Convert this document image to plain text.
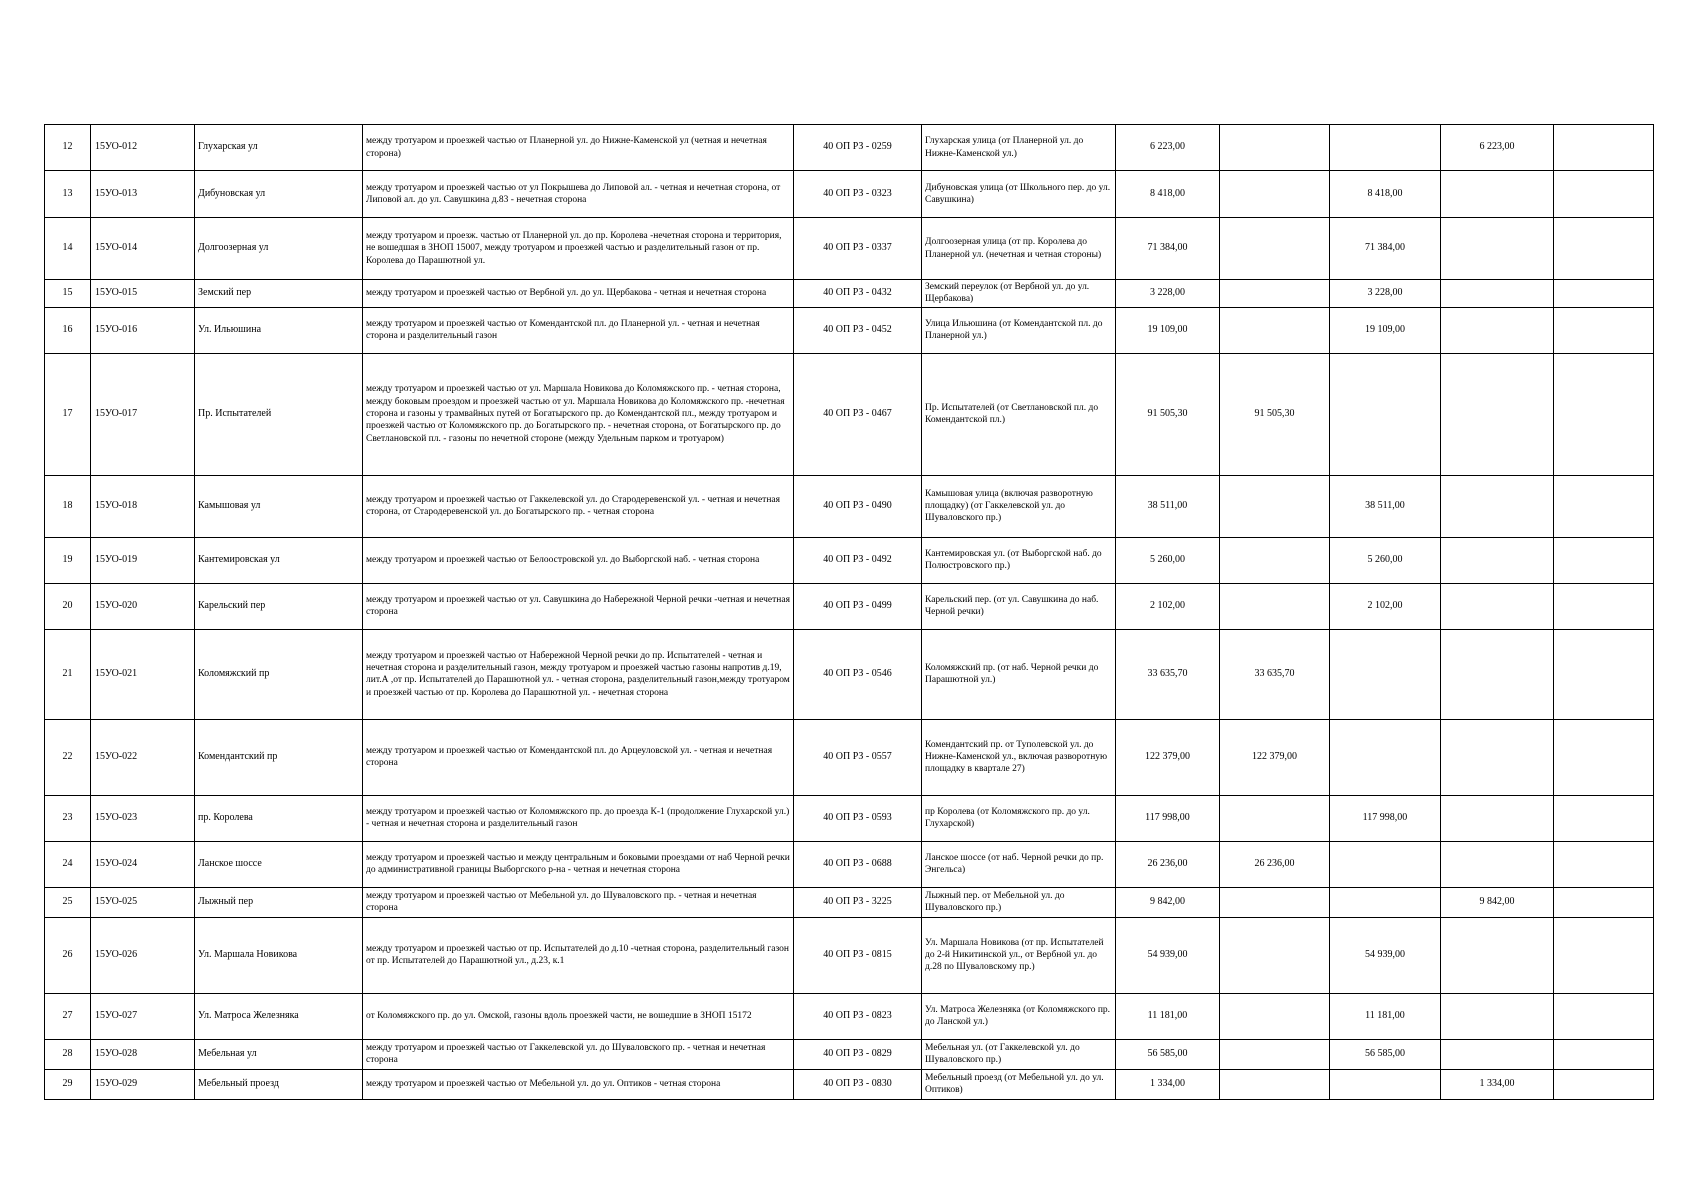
12	15УО-012	Глухарская ул	между тротуаром и проезжей частью от Планерной ул. до Нижне-Каменской ул (четная и нечетная сторона)	40 ОП РЗ - 0259	Глухарская улица (от Планерной ул. до Нижне-Каменской ул.)	6 223,00			6 223,00	
13	15УО-013	Дибуновская ул	между тротуаром и проезжей частью от ул Покрышева до Липовой ал. - четная и нечетная сторона, от Липовой ал. до ул. Савушкина д.83 - нечетная сторона	40 ОП РЗ - 0323	Дибуновская улица (от Школьного пер. до ул. Савушкина)	8 418,00		8 418,00		
14	15УО-014	Долгоозерная ул	между тротуаром и проезж. частью от Планерной ул. до пр. Королева -нечетная сторона и территория, не вошедшая в ЗНОП 15007, между тротуаром и проезжей частью и разделительный газон от пр. Королева до Парашютной ул.	40 ОП РЗ - 0337	Долгоозерная улица (от пр. Королева до Планерной ул. (нечетная и четная стороны)	71 384,00		71 384,00		
15	15УО-015	Земский пер	между тротуаром и проезжей частью от Вербной ул. до ул. Щербакова - четная и нечетная сторона	40 ОП РЗ - 0432	Земский переулок (от Вербной ул. до ул. Щербакова)	3 228,00		3 228,00		
16	15УО-016	Ул. Ильюшина	между тротуаром и проезжей частью от Комендантской пл. до Планерной ул. - четная и нечетная сторона и разделительный газон	40 ОП РЗ - 0452	Улица Ильюшина (от Комендантской пл. до Планерной ул.)	19 109,00		19 109,00		
17	15УО-017	Пр. Испытателей	между тротуаром и проезжей частью от ул. Маршала Новикова до Коломяжского пр. - четная сторона, между боковым проездом и проезжей частью от ул. Маршала Новикова до Коломяжского пр. -нечетная сторона и газоны у трамвайных путей от Богатырского пр. до Комендантской пл., между тротуаром и проезжей частью от Коломяжского пр. до Богатырского пр. - нечетная сторона, от Богатырского пр. до Светлановской пл. - газоны по нечетной стороне (между Удельным парком и тротуаром)	40 ОП РЗ - 0467	Пр. Испытателей (от Светлановской пл. до Комендантской пл.)	91 505,30	91 505,30			
18	15УО-018	Камышовая ул	между тротуаром и проезжей частью от Гаккелевской ул. до Стародеревенской ул. - четная и нечетная сторона, от Стародеревенской ул. до Богатырского пр. - четная сторона	40 ОП РЗ - 0490	Камышовая улица (включая разворотную площадку) (от Гаккелевской ул. до Шуваловского пр.)	38 511,00		38 511,00		
19	15УО-019	Кантемировская ул	между тротуаром и проезжей частью от Белоостровской ул. до Выборгской наб. - четная сторона	40 ОП РЗ - 0492	Кантемировская ул. (от Выборгской наб. до Полюстровского пр.)	5 260,00		5 260,00		
20	15УО-020	Карельский пер	между тротуаром и проезжей частью от ул. Савушкина до Набережной Черной речки -четная и нечетная сторона	40 ОП РЗ - 0499	Карельский пер. (от ул. Савушкина до наб. Черной речки)	2 102,00		2 102,00		
21	15УО-021	Коломяжский пр	между тротуаром и проезжей частью от Набережной Черной речки до пр. Испытателей - четная и нечетная сторона и разделительный газон, между тротуаром и проезжей частью газоны напротив д.19, лит.А ,от пр. Испытателей до Парашютной ул. - четная сторона, разделительный газон,между тротуаром и проезжей частью от пр. Королева до Парашютной ул. - нечетная сторона	40 ОП РЗ - 0546	Коломяжский пр. (от наб. Черной речки до Парашютной ул.)	33 635,70	33 635,70			
22	15УО-022	Комендантский пр	между тротуаром и проезжей частью от Комендантской пл. до Арцеуловской ул. - четная и нечетная сторона	40 ОП РЗ - 0557	Комендантский пр. от Туполевской ул. до Нижне-Каменской ул., включая разворотную площадку в квартале 27)	122 379,00	122 379,00			
23	15УО-023	пр. Королева	между тротуаром и проезжей частью от Коломяжского пр. до проезда К-1 (продолжение Глухарской ул.) - четная и нечетная сторона и разделительный газон	40 ОП РЗ - 0593	пр Королева (от Коломяжского пр. до ул. Глухарской)	117 998,00		117 998,00		
24	15УО-024	Ланское шоссе	между тротуаром и проезжей частью и между центральным и боковыми проездами от наб Черной речки до административной границы Выборгского р-на - четная и нечетная сторона	40 ОП РЗ - 0688	Ланское шоссе (от наб. Черной речки до пр. Энгельса)	26 236,00	26 236,00			
25	15УО-025	Лыжный пер	между тротуаром и проезжей частью от Мебельной ул. до Шуваловского пр. - четная и нечетная сторона	40 ОП РЗ - 3225	Лыжный пер. от Мебельной ул. до Шуваловского пр.)	9 842,00			9 842,00	
26	15УО-026	Ул. Маршала Новикова	между тротуаром и проезжей частью от пр. Испытателей до д.10 -четная сторона, разделительный газон от пр. Испытателей до Парашютной ул., д.23, к.1	40 ОП РЗ - 0815	Ул. Маршала Новикова (от пр. Испытателей до 2-й Никитинской ул., от Вербной ул. до д.28 по Шуваловскому пр.)	54 939,00		54 939,00		
27	15УО-027	Ул. Матроса Железняка	от Коломяжского пр. до ул. Омской, газоны вдоль проезжей части, не вошедшие в ЗНОП 15172	40 ОП РЗ - 0823	Ул. Матроса Железняка (от Коломяжского пр. до Ланской ул.)	11 181,00		11 181,00		
28	15УО-028	Мебельная ул	между тротуаром и проезжей частью от Гаккелевской ул. до Шуваловского пр. - четная и нечетная сторона	40 ОП РЗ - 0829	Мебельная ул. (от Гаккелевской ул. до Шуваловского пр.)	56 585,00		56 585,00		
29	15УО-029	Мебельный проезд	между тротуаром и проезжей частью от Мебельной ул. до ул. Оптиков - четная сторона	40 ОП РЗ - 0830	Мебельный проезд (от Мебельной ул. до ул. Оптиков)	1 334,00			1 334,00	
